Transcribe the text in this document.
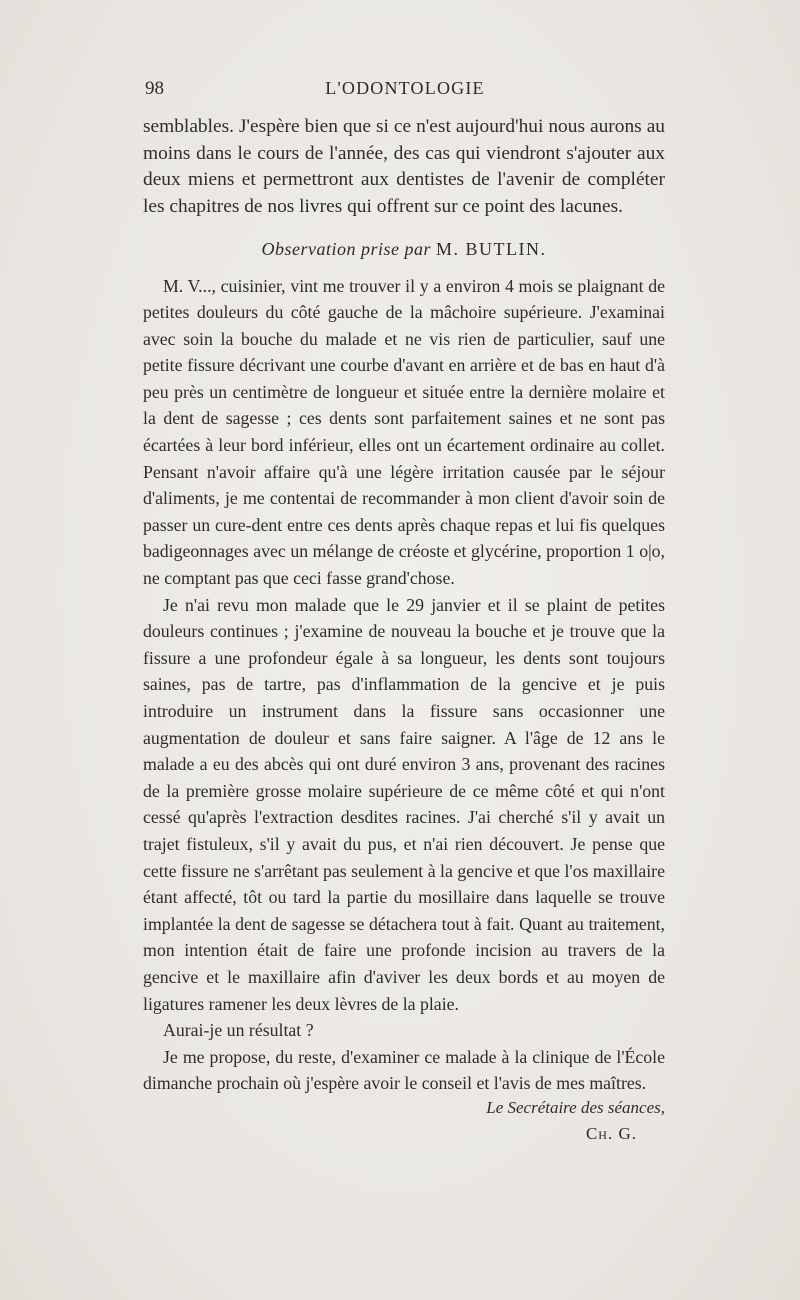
98	L'ODONTOLOGIE

semblables. J'espère bien que si ce n'est aujourd'hui nous aurons au moins dans le cours de l'année, des cas qui viendront s'ajouter aux deux miens et permettront aux dentistes de l'avenir de compléter les chapitres de nos livres qui offrent sur ce point des lacunes.

Observation prise par M. BUTLIN.

M. V..., cuisinier, vint me trouver il y a environ 4 mois se plaignant de petites douleurs du côté gauche de la mâchoire supérieure. J'examinai avec soin la bouche du malade et ne vis rien de particulier, sauf une petite fissure décrivant une courbe d'avant en arrière et de bas en haut d'à peu près un centimètre de longueur et située entre la dernière molaire et la dent de sagesse ; ces dents sont parfaitement saines et ne sont pas écartées à leur bord inférieur, elles ont un écartement ordinaire au collet. Pensant n'avoir affaire qu'à une légère irritation causée par le séjour d'aliments, je me contentai de recommander à mon client d'avoir soin de passer un cure-dent entre ces dents après chaque repas et lui fis quelques badigeonnages avec un mélange de créoste et glycérine, proportion 1 o|o, ne comptant pas que ceci fasse grand'chose.

Je n'ai revu mon malade que le 29 janvier et il se plaint de petites douleurs continues ; j'examine de nouveau la bouche et je trouve que la fissure a une profondeur égale à sa longueur, les dents sont toujours saines, pas de tartre, pas d'inflammation de la gencive et je puis introduire un instrument dans la fissure sans occasionner une augmentation de douleur et sans faire saigner. A l'âge de 12 ans le malade a eu des abcès qui ont duré environ 3 ans, provenant des racines de la première grosse molaire supérieure de ce même côté et qui n'ont cessé qu'après l'extraction desdites racines. J'ai cherché s'il y avait un trajet fistuleux, s'il y avait du pus, et n'ai rien découvert. Je pense que cette fissure ne s'arrêtant pas seulement à la gencive et que l'os maxillaire étant affecté, tôt ou tard la partie du mosillaire dans laquelle se trouve implantée la dent de sagesse se détachera tout à fait. Quant au traitement, mon intention était de faire une profonde incision au travers de la gencive et le maxillaire afin d'aviver les deux bords et au moyen de ligatures ramener les deux lèvres de la plaie.

Aurai-je un résultat ?

Je me propose, du reste, d'examiner ce malade à la clinique de l'École dimanche prochain où j'espère avoir le conseil et l'avis de mes maîtres.

Le Secrétaire des séances,
Ch. G.
